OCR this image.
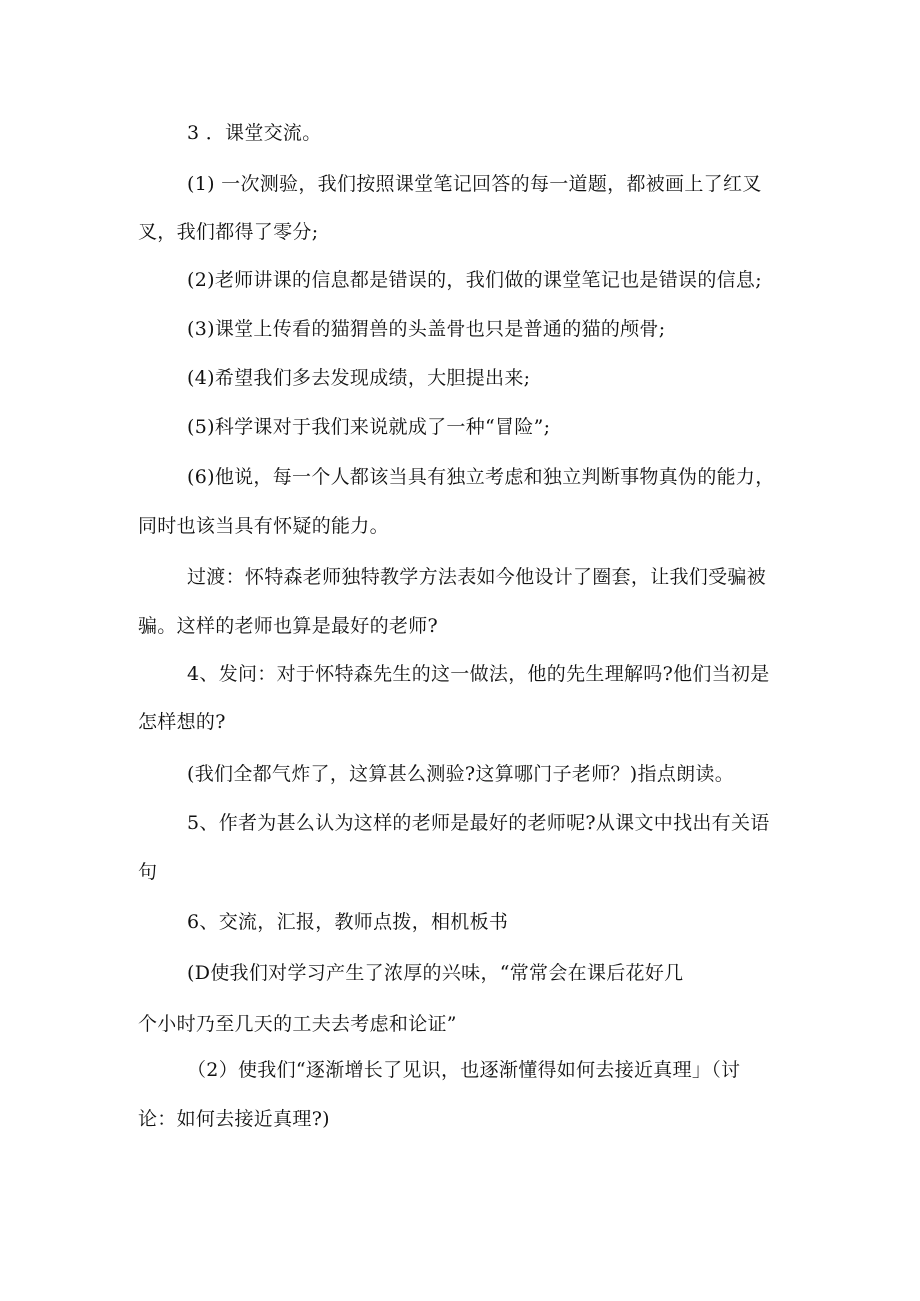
3 ．课堂交流。

(1) 一次测验，我们按照课堂笔记回答的每一道题，都被画上了红叉

叉，我们都得了零分;

(2)老师讲课的信息都是错误的，我们做的课堂笔记也是错误的信息;

(3)课堂上传看的猫猬兽的头盖骨也只是普通的猫的颅骨;

(4)希望我们多去发现成绩，大胆提出来;

(5)科学课对于我们来说就成了一种“冒险”;

(6)他说，每一个人都该当具有独立考虑和独立判断事物真伪的能力，

同时也该当具有怀疑的能力。

过渡：怀特森老师独特教学方法表如今他设计了圈套，让我们受骗被

骗。这样的老师也算是最好的老师?

4、发问：对于怀特森先生的这一做法，他的先生理解吗?他们当初是

怎样想的?

(我们全都气炸了，这算甚么测验?这算哪门子老师？)指点朗读。

5、作者为甚么认为这样的老师是最好的老师呢?从课文中找出有关语

句

6、交流，汇报，教师点拨，相机板书

(D使我们对学习产生了浓厚的兴味，“常常会在课后花好几

个小时乃至几天的工夫去考虑和论证”

（2）使我们“逐渐增长了见识，也逐渐懂得如何去接近真理」（讨

论：如何去接近真理?)
